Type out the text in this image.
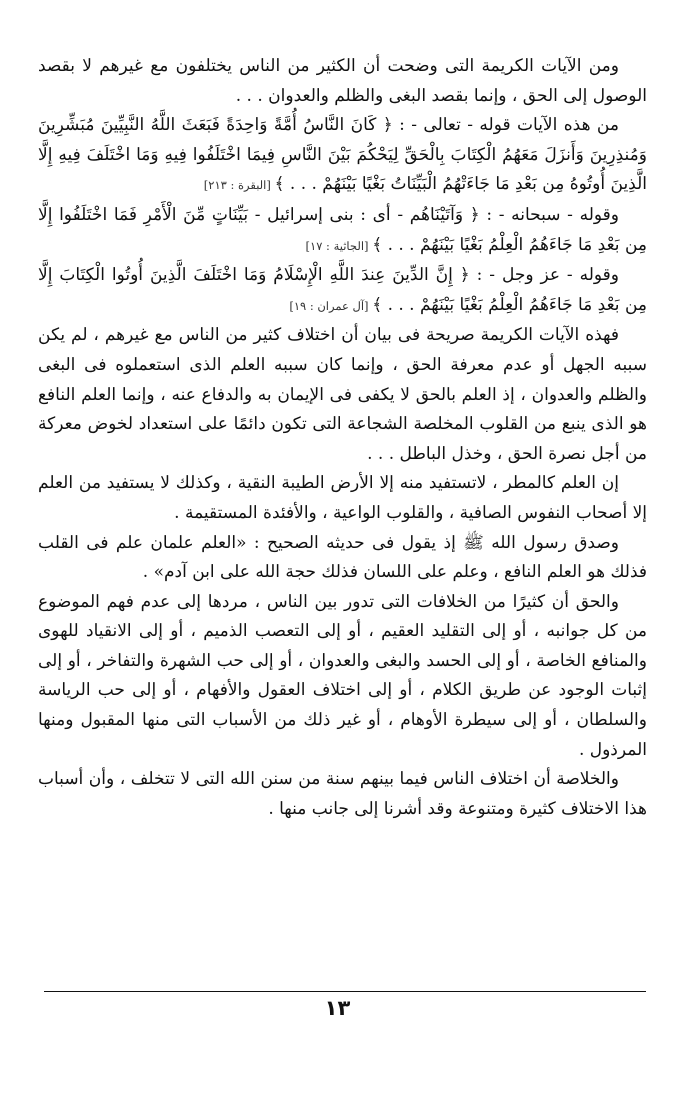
ومن الآيات الكريمة التى وضحت أن الكثير من الناس يختلفون مع غيرهم لا بقصد الوصول إلى الحق ، وإنما بقصد البغى والظلم والعدوان . . .

من هذه الآيات قوله - تعالى - : ﴿ كَانَ النَّاسُ أُمَّةً وَاحِدَةً فَبَعَثَ اللَّهُ النَّبِيِّينَ مُبَشِّرِينَ وَمُنذِرِينَ وَأَنزَلَ مَعَهُمُ الْكِتَابَ بِالْحَقِّ لِيَحْكُمَ بَيْنَ النَّاسِ فِيمَا اخْتَلَفُوا فِيهِ وَمَا اخْتَلَفَ فِيهِ إِلَّا الَّذِينَ أُوتُوهُ مِن بَعْدِ مَا جَاءَتْهُمُ الْبَيِّنَاتُ بَغْيًا بَيْنَهُمْ . . . ﴾ [البقرة : ٢١٣]

وقوله - سبحانه - : ﴿ وَآتَيْنَاهُم - أى : بنى إسرائيل - بَيِّنَاتٍ مِّنَ الْأَمْرِ فَمَا اخْتَلَفُوا إِلَّا مِن بَعْدِ مَا جَاءَهُمُ الْعِلْمُ بَغْيًا بَيْنَهُمْ . . . ﴾ [الجاثية : ١٧]

وقوله - عز وجل - : ﴿ إِنَّ الدِّينَ عِندَ اللَّهِ الْإِسْلَامُ وَمَا اخْتَلَفَ الَّذِينَ أُوتُوا الْكِتَابَ إِلَّا مِن بَعْدِ مَا جَاءَهُمُ الْعِلْمُ بَغْيًا بَيْنَهُمْ . . . ﴾ [آل عمران : ١٩]

فهذه الآيات الكريمة صريحة فى بيان أن اختلاف كثير من الناس مع غيرهم ، لم يكن سببه الجهل أو عدم معرفة الحق ، وإنما كان سببه العلم الذى استعملوه فى البغى والظلم والعدوان ، إذ العلم بالحق لا يكفى فى الإيمان به والدفاع عنه ، وإنما العلم النافع هو الذى ينبع من القلوب المخلصة الشجاعة التى تكون دائمًا على استعداد لخوض معركة من أجل نصرة الحق ، وخذل الباطل . . .

إن العلم كالمطر ، لاتستفيد منه إلا الأرض الطيبة النقية ، وكذلك لا يستفيد من العلم إلا أصحاب النفوس الصافية ، والقلوب الواعية ، والأفئدة المستقيمة .

وصدق رسول الله ﷺ إذ يقول فى حديثه الصحيح : «العلم علمان علم فى القلب فذلك هو العلم النافع ، وعلم على اللسان فذلك حجة الله على ابن آدم» .

والحق أن كثيرًا من الخلافات التى تدور بين الناس ، مردها إلى عدم فهم الموضوع من كل جوانبه ، أو إلى التقليد العقيم ، أو إلى التعصب الذميم ، أو إلى الانقياد للهوى والمنافع الخاصة ، أو إلى الحسد والبغى والعدوان ، أو إلى حب الشهرة والتفاخر ، أو إلى إثبات الوجود عن طريق الكلام ، أو إلى اختلاف العقول والأفهام ، أو إلى حب الرياسة والسلطان ، أو إلى سيطرة الأوهام ، أو غير ذلك من الأسباب التى منها المقبول ومنها المرذول .

والخلاصة أن اختلاف الناس فيما بينهم سنة من سنن الله التى لا تتخلف ، وأن أسباب هذا الاختلاف كثيرة ومتنوعة وقد أشرنا إلى جانب منها .

١٣
